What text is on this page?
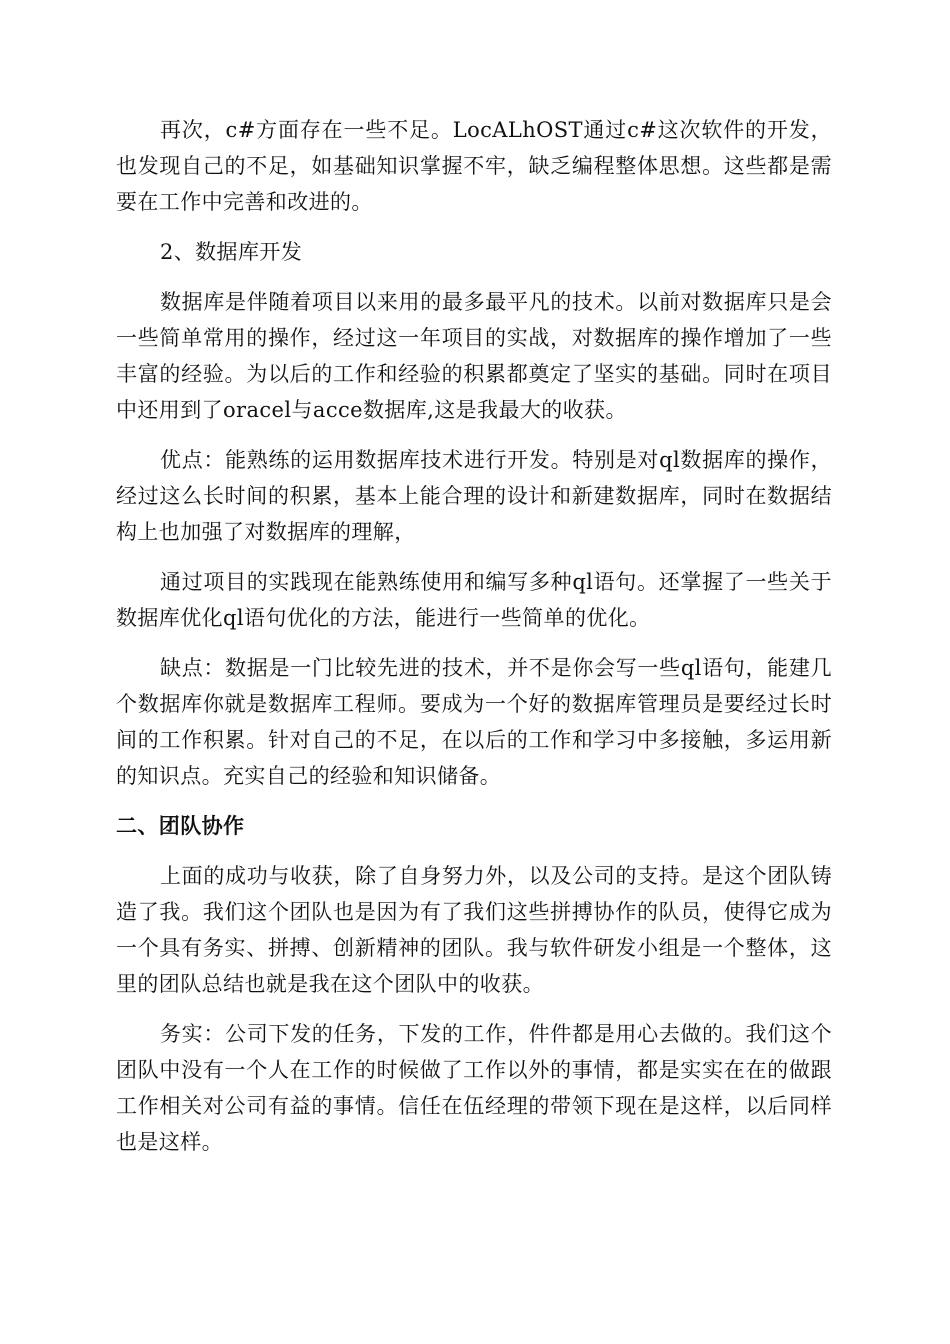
再次，c#方面存在一些不足。LocALhOST通过c#这次软件的开发，也发现自己的不足，如基础知识掌握不牢，缺乏编程整体思想。这些都是需要在工作中完善和改进的。

2、数据库开发

数据库是伴随着项目以来用的最多最平凡的技术。以前对数据库只是会一些简单常用的操作，经过这一年项目的实战，对数据库的操作增加了一些丰富的经验。为以后的工作和经验的积累都奠定了坚实的基础。同时在项目中还用到了oracel与acce数据库,这是我最大的收获。

优点：能熟练的运用数据库技术进行开发。特别是对ql数据库的操作，经过这么长时间的积累，基本上能合理的设计和新建数据库，同时在数据结构上也加强了对数据库的理解，

通过项目的实践现在能熟练使用和编写多种ql语句。还掌握了一些关于数据库优化ql语句优化的方法，能进行一些简单的优化。

缺点：数据是一门比较先进的技术，并不是你会写一些ql语句，能建几个数据库你就是数据库工程师。要成为一个好的数据库管理员是要经过长时间的工作积累。针对自己的不足，在以后的工作和学习中多接触，多运用新的知识点。充实自己的经验和知识储备。

二、团队协作

上面的成功与收获，除了自身努力外，以及公司的支持。是这个团队铸造了我。我们这个团队也是因为有了我们这些拼搏协作的队员，使得它成为一个具有务实、拼搏、创新精神的团队。我与软件研发小组是一个整体，这里的团队总结也就是我在这个团队中的收获。

务实：公司下发的任务，下发的工作，件件都是用心去做的。我们这个团队中没有一个人在工作的时候做了工作以外的事情，都是实实在在的做跟工作相关对公司有益的事情。信任在伍经理的带领下现在是这样，以后同样也是这样。
